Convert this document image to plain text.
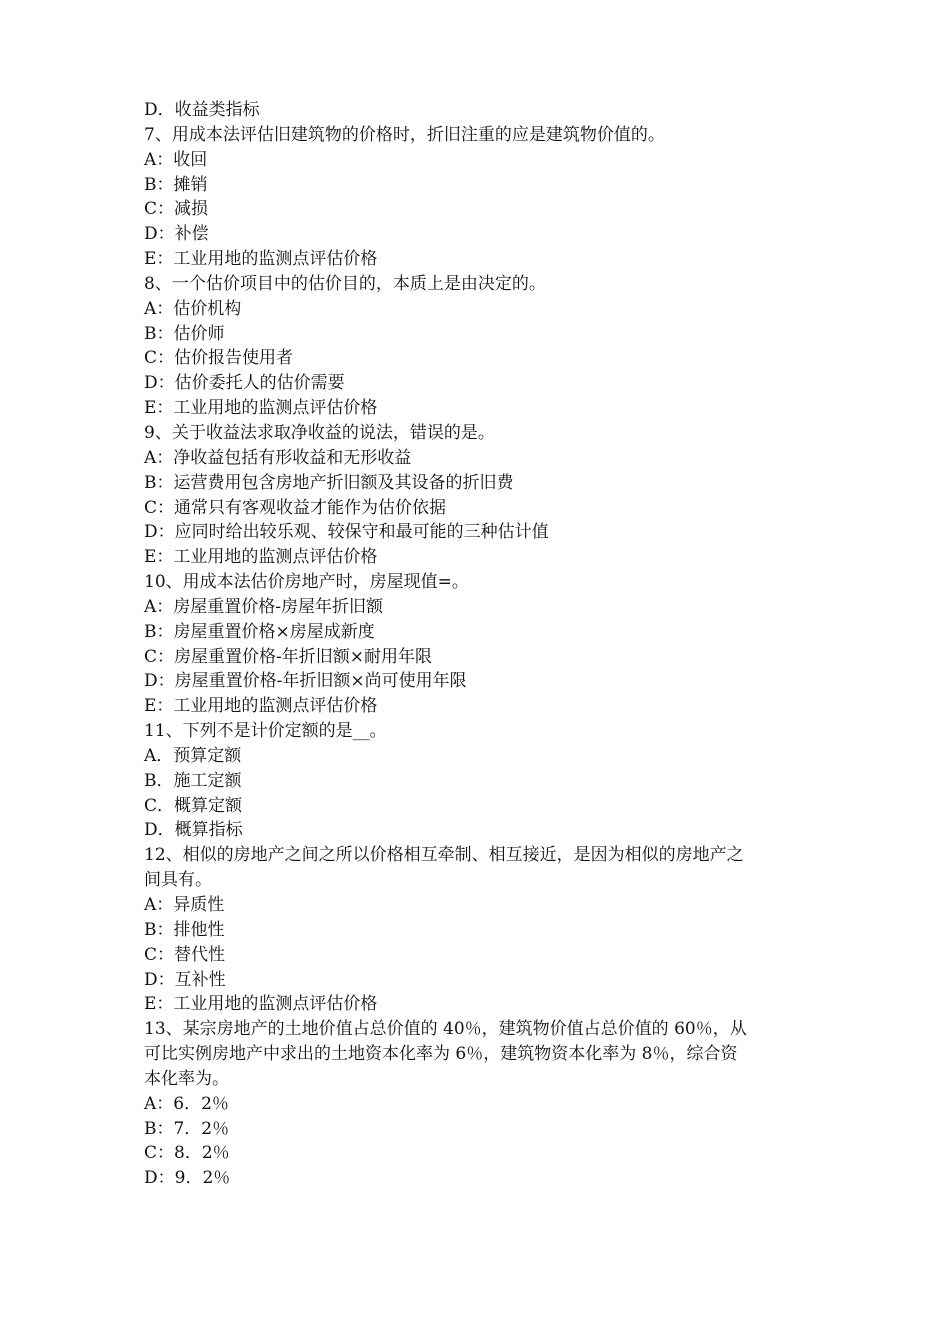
D．收益类指标

7、用成本法评估旧建筑物的价格时，折旧注重的应是建筑物价值的。

A：收回

B：摊销

C：减损

D：补偿

E：工业用地的监测点评估价格

8、一个估价项目中的估价目的，本质上是由决定的。

A：估价机构

B：估价师

C：估价报告使用者

D：估价委托人的估价需要

E：工业用地的监测点评估价格

9、关于收益法求取净收益的说法，错误的是。

A：净收益包括有形收益和无形收益

B：运营费用包含房地产折旧额及其设备的折旧费

C：通常只有客观收益才能作为估价依据

D：应同时给出较乐观、较保守和最可能的三种估计值

E：工业用地的监测点评估价格

10、用成本法估价房地产时，房屋现值=。

A：房屋重置价格-房屋年折旧额

B：房屋重置价格×房屋成新度

C：房屋重置价格-年折旧额×耐用年限

D：房屋重置价格-年折旧额×尚可使用年限

E：工业用地的监测点评估价格

11、下列不是计价定额的是__。

A．预算定额

B．施工定额

C．概算定额

D．概算指标

12、相似的房地产之间之所以价格相互牵制、相互接近，是因为相似的房地产之

间具有。

A：异质性

B：排他性

C：替代性

D：互补性

E：工业用地的监测点评估价格

13、某宗房地产的土地价值占总价值的 40％，建筑物价值占总价值的 60％，从

可比实例房地产中求出的土地资本化率为 6％，建筑物资本化率为 8％，综合资

本化率为。

A：6．2％

B：7．2％

C：8．2％

D：9．2％
